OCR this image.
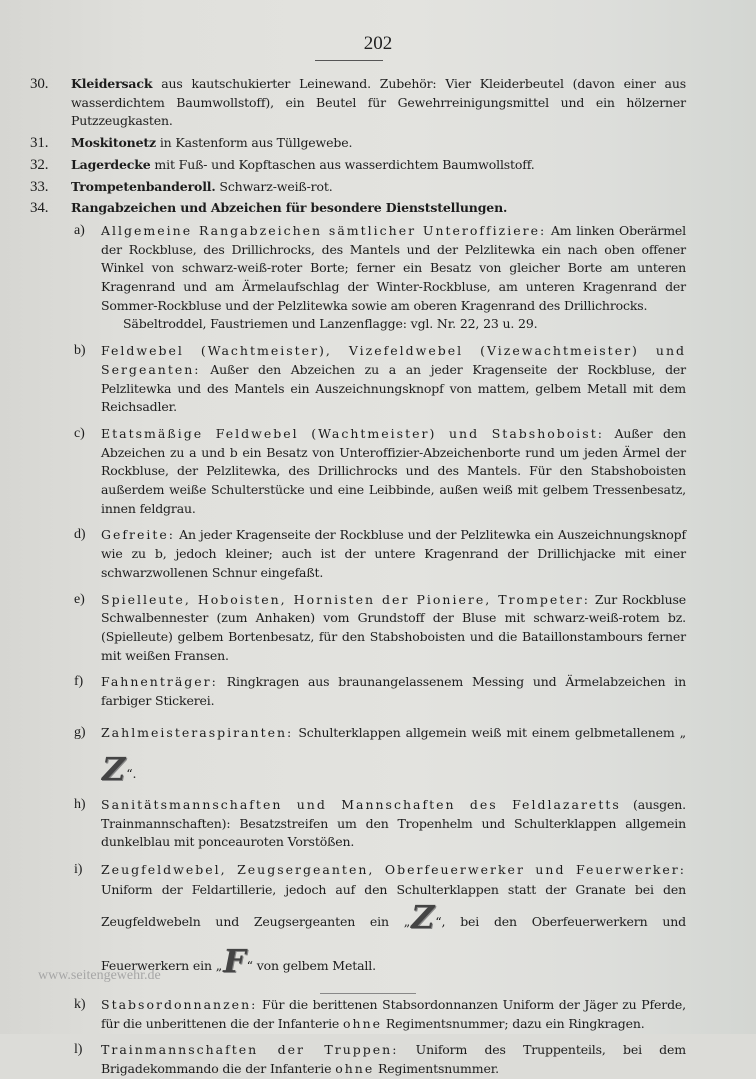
202

30. Kleidersack aus kautschukierter Leinewand. Zubehör: Vier Kleiderbeutel (davon einer aus wasserdichtem Baumwollstoff), ein Beutel für Gewehrreinigungsmittel und ein hölzerner Putzzeugkasten.

31. Moskitonetz in Kastenform aus Tüllgewebe.

32. Lagerdecke mit Fuß- und Kopftaschen aus wasserdichtem Baumwollstoff.

33. Trompetenbanderoll. Schwarz-weiß-rot.

34. Rangabzeichen und Abzeichen für besondere Dienststellungen.

a) Allgemeine Rangabzeichen sämtlicher Unteroffiziere: Am linken Oberärmel der Rockbluse, des Drillichrocks, des Mantels und der Pelzlitewka ein nach oben offener Winkel von schwarz-weiß-roter Borte; ferner ein Besatz von gleicher Borte am unteren Kragenrand und am Ärmelaufschlag der Winter-Rockbluse, am unteren Kragenrand der Sommer-Rockbluse und der Pelzlitewka sowie am oberen Kragenrand des Drillichrocks.
Säbeltroddel, Faustriemen und Lanzenflagge: vgl. Nr. 22, 23 u. 29.
b) Feldwebel (Wachtmeister), Vizefeldwebel (Vizewachtmeister) und Sergeanten: Außer den Abzeichen zu a an jeder Kragenseite der Rockbluse, der Pelzlitewka und des Mantels ein Auszeichnungsknopf von mattem, gelbem Metall mit dem Reichsadler.
c) Etatsmäßige Feldwebel (Wachtmeister) und Stabshoboist: Außer den Abzeichen zu a und b ein Besatz von Unteroffizier-Abzeichenborte rund um jeden Ärmel der Rockbluse, der Pelzlitewka, des Drillichrocks und des Mantels. Für den Stabshoboisten außerdem weiße Schulterstücke und eine Leibbinde, außen weiß mit gelbem Tressenbesatz, innen feldgrau.
d) Gefreite: An jeder Kragenseite der Rockbluse und der Pelzlitewka ein Auszeichnungsknopf wie zu b, jedoch kleiner; auch ist der untere Kragenrand der Drillichjacke mit einer schwarzwollenen Schnur eingefaßt.
e) Spielleute, Hoboisten, Hornisten der Pioniere, Trompeter: Zur Rockbluse Schwalbennester (zum Anhaken) vom Grundstoff der Bluse mit schwarz-weiß-rotem bz. (Spielleute) gelbem Bortenbesatz, für den Stabshoboisten und die Bataillonstambours ferner mit weißen Fransen.
f) Fahnenträger: Ringkragen aus braunangelassenem Messing und Ärmelabzeichen in farbiger Stickerei.
g) Zahlmeisteraspiranten: Schulterklappen allgemein weiß mit einem gelbmetallenem „Z“.
h) Sanitätsmannschaften und Mannschaften des Feldlazaretts (ausgen. Trainmannschaften): Besatzstreifen um den Tropenhelm und Schulterklappen allgemein dunkelblau mit ponceauroten Vorstößen.
i) Zeugfeldwebel, Zeugsergeanten, Oberfeuerwerker und Feuerwerker: Uniform der Feldartillerie, jedoch auf den Schulterklappen statt der Granate bei den Zeugfeldwebeln und Zeugsergeanten ein „Z“, bei den Oberfeuerwerkern und Feuerwerkern ein „F“ von gelbem Metall.
k) Stabsordonnanzen: Für die berittenen Stabsordonnanzen Uniform der Jäger zu Pferde, für die unberittenen die der Infanterie ohne Regimentsnummer; dazu ein Ringkragen.
l) Trainmannschaften der Truppen: Uniform des Truppenteils, bei dem Brigadekommando die der Infanterie ohne Regimentsnummer.
www.seitengewehr.de
